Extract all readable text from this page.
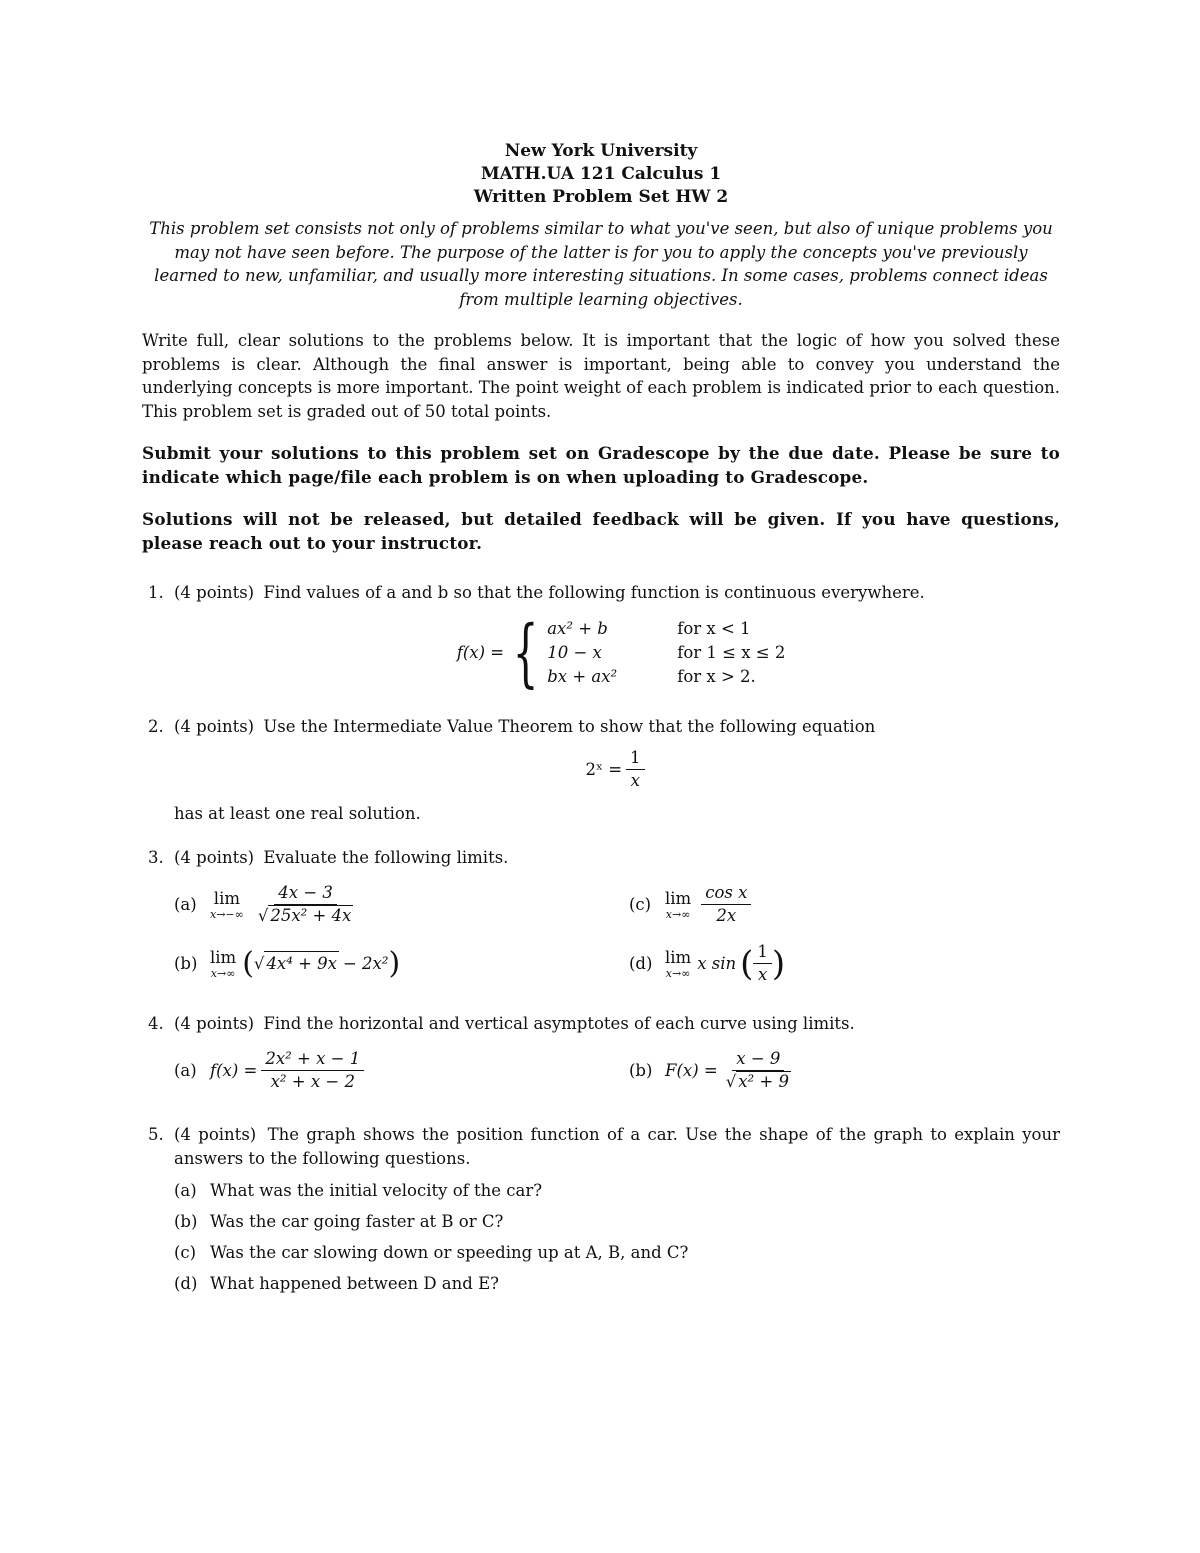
New York University
MATH.UA 121 Calculus 1
Written Problem Set HW 2
This problem set consists not only of problems similar to what you've seen, but also of unique problems you may not have seen before. The purpose of the latter is for you to apply the concepts you've previously learned to new, unfamiliar, and usually more interesting situations. In some cases, problems connect ideas from multiple learning objectives.
Write full, clear solutions to the problems below. It is important that the logic of how you solved these problems is clear. Although the final answer is important, being able to convey you understand the underlying concepts is more important. The point weight of each problem is indicated prior to each question. This problem set is graded out of 50 total points.
Submit your solutions to this problem set on Gradescope by the due date. Please be sure to indicate which page/file each problem is on when uploading to Gradescope.
Solutions will not be released, but detailed feedback will be given. If you have questions, please reach out to your instructor.
1. (4 points) Find values of a and b so that the following function is continuous everywhere.
f(x) = { ax² + b	for x < 1
10 − x	for 1 ≤ x ≤ 2
bx + ax²	for x > 2.
2. (4 points) Use the Intermediate Value Theorem to show that the following equation
2ˣ = $\frac{1}{x}$
has at least one real solution.
3. (4 points) Evaluate the following limits.
(a)	lim
$x\to-\infty \frac{4x - 3}{\text{√ 25x² + 4x}}$	(c) lim
$x\to\infty \frac{\text{cos x}}{2x}$
(b) lim
x→∞ ( √ 4x⁴ + 9x − 2x² )	(d) lim
x→∞
x sin ( $\frac{1}{x}$ )
4. (4 points) Find the horizontal and vertical asymptotes of each curve using limits.
(a) $f(x) = \frac{\text{2x² + x − 1}}{\text{x² + x − 2}}$	(b) $F(x) = \frac{x - 9}{\text{√ x² + 9}}$
5. (4 points) The graph shows the position function of a car. Use the shape of the graph to explain your answers to the following questions.
(a) What was the initial velocity of the car?
(b) Was the car going faster at B or C?
(c) Was the car slowing down or speeding up at A, B, and C?
(d) What happened between D and E?
